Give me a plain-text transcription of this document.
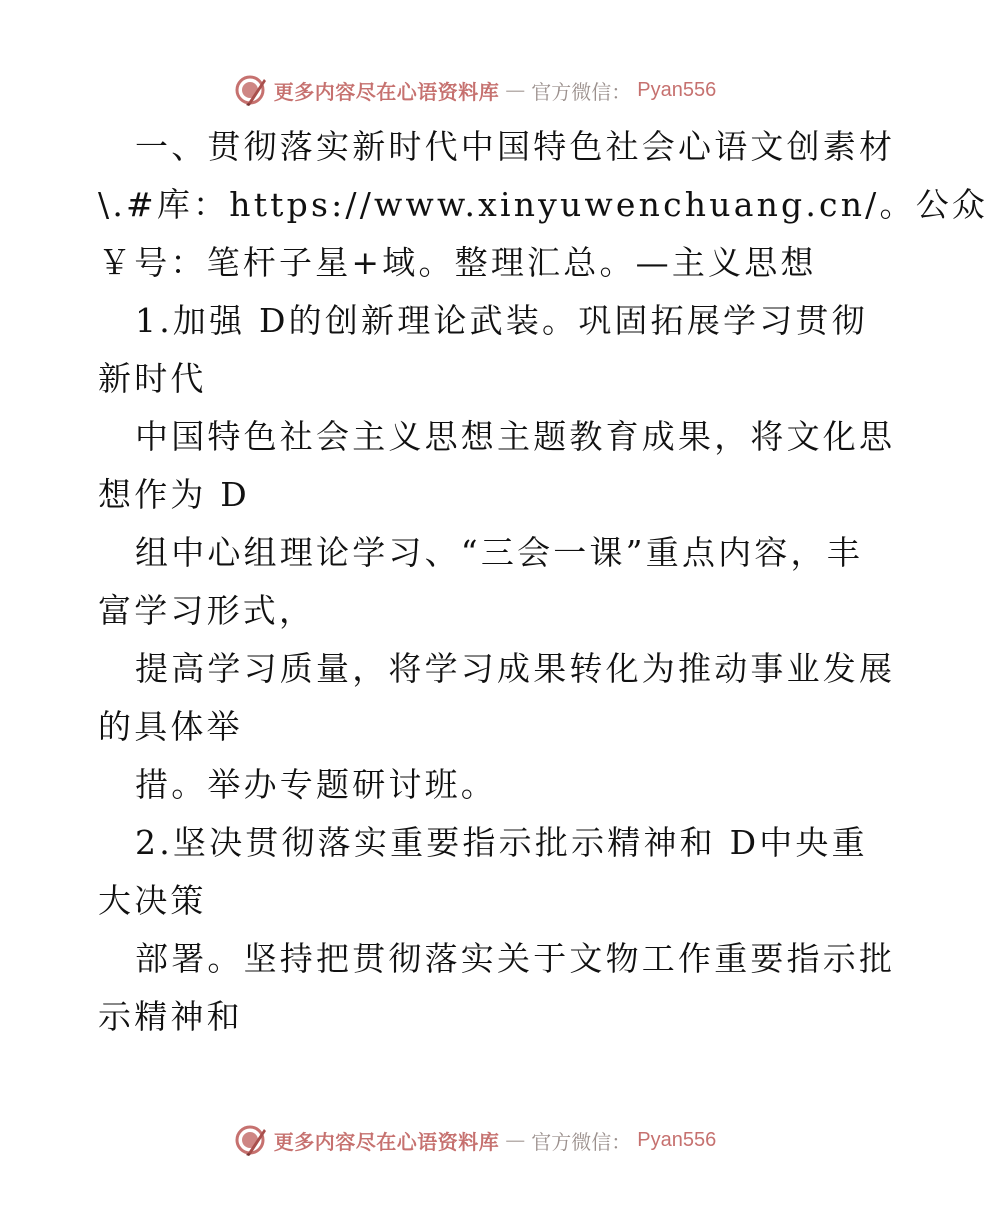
更多内容尽在心语资料库 — 官方微信： Pyan556
一、贯彻落实新时代中国特色社会心语文创素材
\.#库：https://www.xinyuwenchuang.cn/。公众
￥号：笔杆子星+域。整理汇总。—主义思想
1.加强 D的创新理论武装。巩固拓展学习贯彻
新时代
中国特色社会主义思想主题教育成果，将文化思
想作为 D
组中心组理论学习、“三会一课”重点内容，丰
富学习形式，
提高学习质量，将学习成果转化为推动事业发展
的具体举
措。举办专题研讨班。
2.坚决贯彻落实重要指示批示精神和 D中央重
大决策
部署。坚持把贯彻落实关于文物工作重要指示批
示精神和
更多内容尽在心语资料库 — 官方微信： Pyan556
